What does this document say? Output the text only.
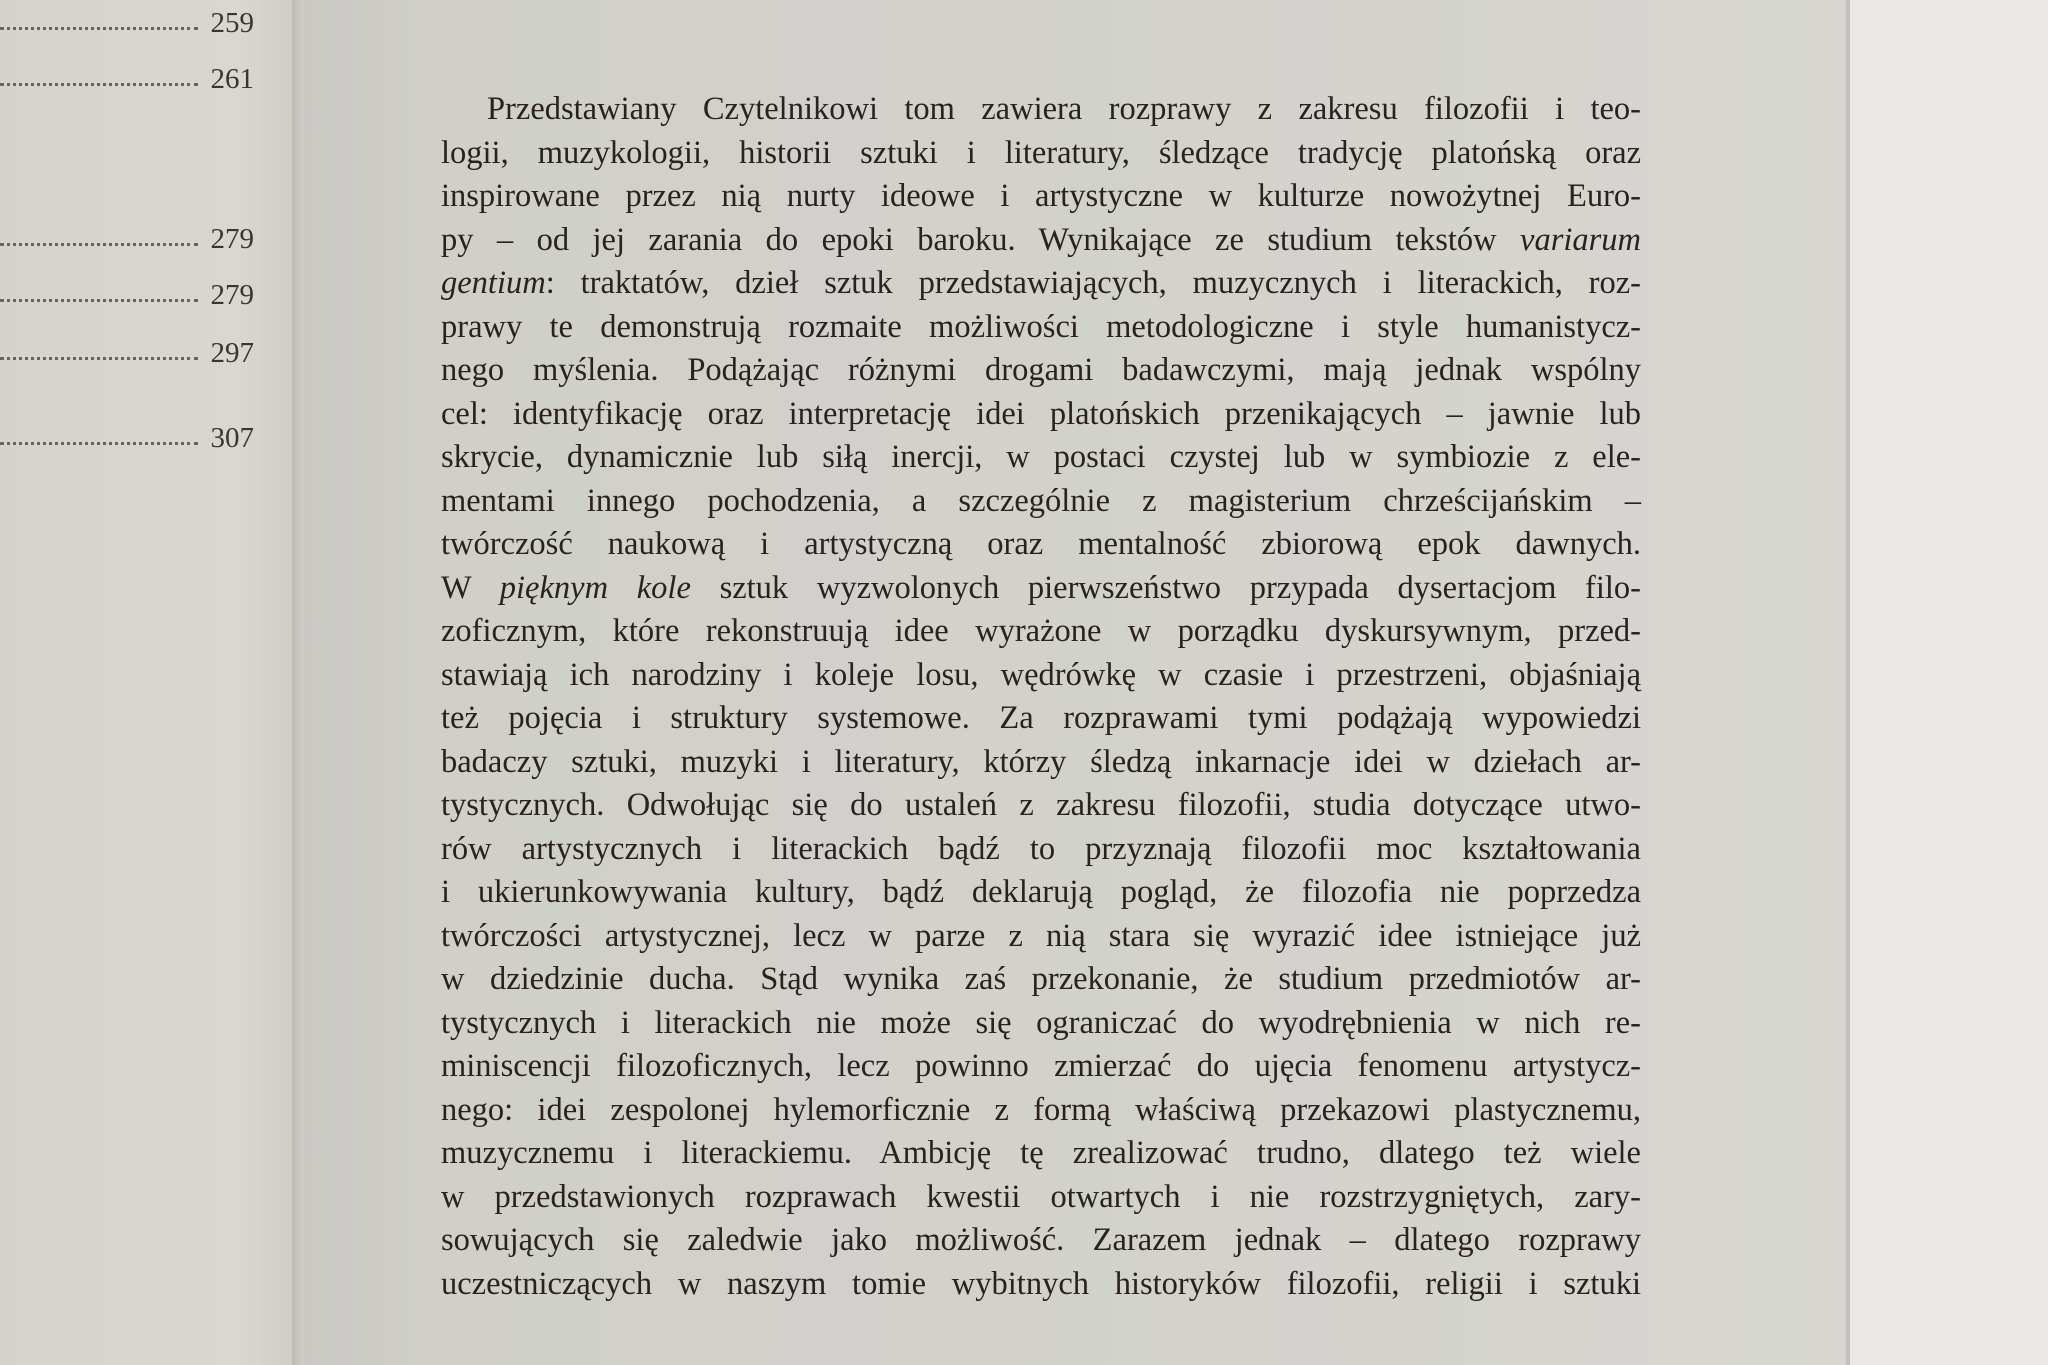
259
261
279
279
297
307
Przedstawiany Czytelnikowi tom zawiera rozprawy z zakresu filozofii i teo-
logii, muzykologii, historii sztuki i literatury, śledzące tradycję platońską oraz
inspirowane przez nią nurty ideowe i artystyczne w kulturze nowożytnej Euro-
py – od jej zarania do epoki baroku. Wynikające ze studium tekstów variarum
gentium: traktatów, dzieł sztuk przedstawiających, muzycznych i literackich, roz-
prawy te demonstrują rozmaite możliwości metodologiczne i style humanistycz-
nego myślenia. Podążając różnymi drogami badawczymi, mają jednak wspólny
cel: identyfikację oraz interpretację idei platońskich przenikających – jawnie lub
skrycie, dynamicznie lub siłą inercji, w postaci czystej lub w symbiozie z ele-
mentami innego pochodzenia, a szczególnie z magisterium chrześcijańskim –
twórczość naukową i artystyczną oraz mentalność zbiorową epok dawnych.
W pięknym kole sztuk wyzwolonych pierwszeństwo przypada dysertacjom filo-
zoficznym, które rekonstruują idee wyrażone w porządku dyskursywnym, przed-
stawiają ich narodziny i koleje losu, wędrówkę w czasie i przestrzeni, objaśniają
też pojęcia i struktury systemowe. Za rozprawami tymi podążają wypowiedzi
badaczy sztuki, muzyki i literatury, którzy śledzą inkarnacje idei w dziełach ar-
tystycznych. Odwołując się do ustaleń z zakresu filozofii, studia dotyczące utwo-
rów artystycznych i literackich bądź to przyznają filozofii moc kształtowania
i ukierunkowywania kultury, bądź deklarują pogląd, że filozofia nie poprzedza
twórczości artystycznej, lecz w parze z nią stara się wyrazić idee istniejące już
w dziedzinie ducha. Stąd wynika zaś przekonanie, że studium przedmiotów ar-
tystycznych i literackich nie może się ograniczać do wyodrębnienia w nich re-
miniscencji filozoficznych, lecz powinno zmierzać do ujęcia fenomenu artystycz-
nego: idei zespolonej hylemorficznie z formą właściwą przekazowi plastycznemu,
muzycznemu i literackiemu. Ambicję tę zrealizować trudno, dlatego też wiele
w przedstawionych rozprawach kwestii otwartych i nie rozstrzygniętych, zary-
sowujących się zaledwie jako możliwość. Zarazem jednak – dlatego rozprawy
uczestniczących w naszym tomie wybitnych historyków filozofii, religii i sztuki
